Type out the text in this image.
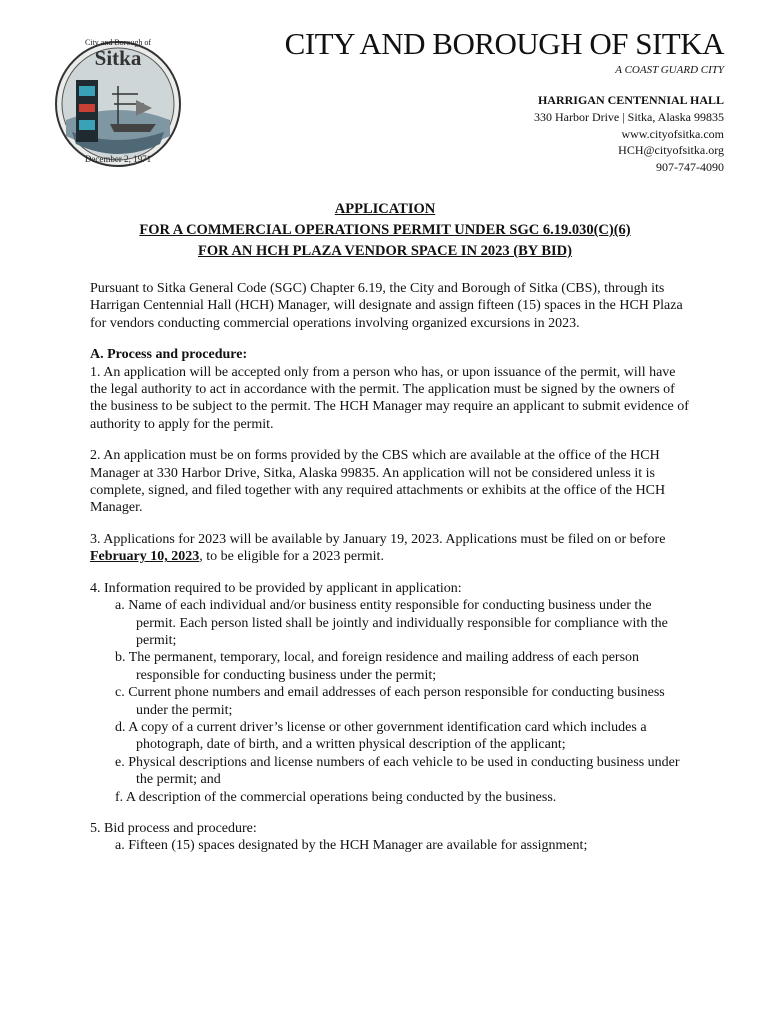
City and Borough of
Sitka
December 2, 1971
CITY AND BOROUGH OF SITKA
A COAST GUARD CITY
HARRIGAN CENTENNIAL HALL
330 Harbor Drive | Sitka, Alaska 99835
www.cityofsitka.com
HCH@cityofsitka.org
907-747-4090
APPLICATION
FOR A COMMERCIAL OPERATIONS PERMIT UNDER SGC 6.19.030(C)(6)
FOR AN HCH PLAZA VENDOR SPACE IN 2023 (BY BID)

Pursuant to Sitka General Code (SGC) Chapter 6.19, the City and Borough of Sitka (CBS), through its Harrigan Centennial Hall (HCH) Manager, will designate and assign fifteen (15) spaces in the HCH Plaza for vendors conducting commercial operations involving organized excursions in 2023.

A. Process and procedure:

1. An application will be accepted only from a person who has, or upon issuance of the permit, will have the legal authority to act in accordance with the permit. The application must be signed by the owners of the business to be subject to the permit. The HCH Manager may require an applicant to submit evidence of authority to apply for the permit.

2. An application must be on forms provided by the CBS which are available at the office of the HCH Manager at 330 Harbor Drive, Sitka, Alaska 99835. An application will not be considered unless it is complete, signed, and filed together with any required attachments or exhibits at the office of the HCH Manager.

3. Applications for 2023 will be available by January 19, 2023. Applications must be filed on or before February 10, 2023, to be eligible for a 2023 permit.

4. Information required to be provided by applicant in application:
a. Name of each individual and/or business entity responsible for conducting business under the permit. Each person listed shall be jointly and individually responsible for compliance with the permit;
b. The permanent, temporary, local, and foreign residence and mailing address of each person responsible for conducting business under the permit;
c. Current phone numbers and email addresses of each person responsible for conducting business under the permit;
d. A copy of a current driver’s license or other government identification card which includes a photograph, date of birth, and a written physical description of the applicant;
e. Physical descriptions and license numbers of each vehicle to be used in conducting business under the permit; and
f. A description of the commercial operations being conducted by the business.
5. Bid process and procedure:
a. Fifteen (15) spaces designated by the HCH Manager are available for assignment;
